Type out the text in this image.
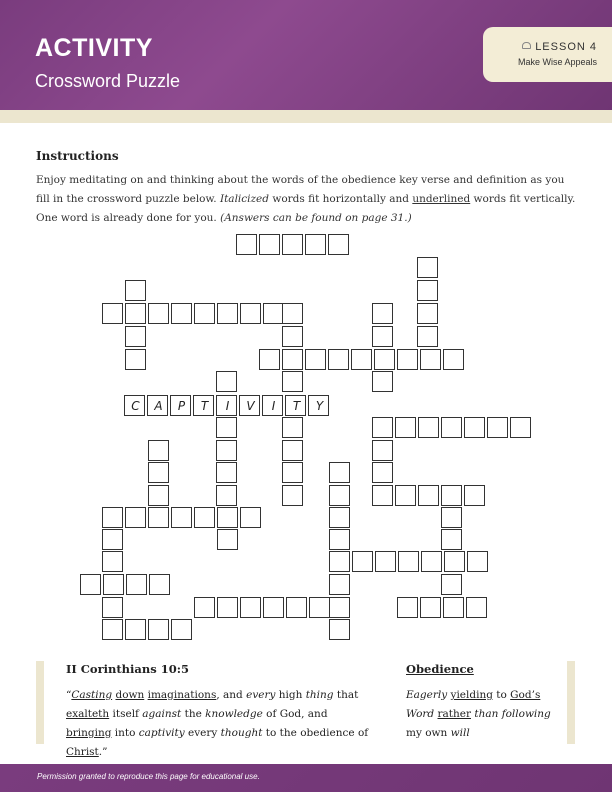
ACTIVITY
Crossword Puzzle
LESSON 4
Make Wise Appeals
Instructions
Enjoy meditating on and thinking about the words of the obedience key verse and definition as you fill in the crossword puzzle below. Italicized words fit horizontally and underlined words fit vertically. One word is already done for you. (Answers can be found on page 31.)
C	A	P	T	I	V	I	T	Y
II Corinthians 10:5
“Casting down imaginations, and every high thing that exalteth itself against the knowledge of God, and bringing into captivity every thought to the obedience of Christ.”
Obedience
Eagerly yielding to God’s Word rather than following my own will
Permission granted to reproduce this page for educational use.
